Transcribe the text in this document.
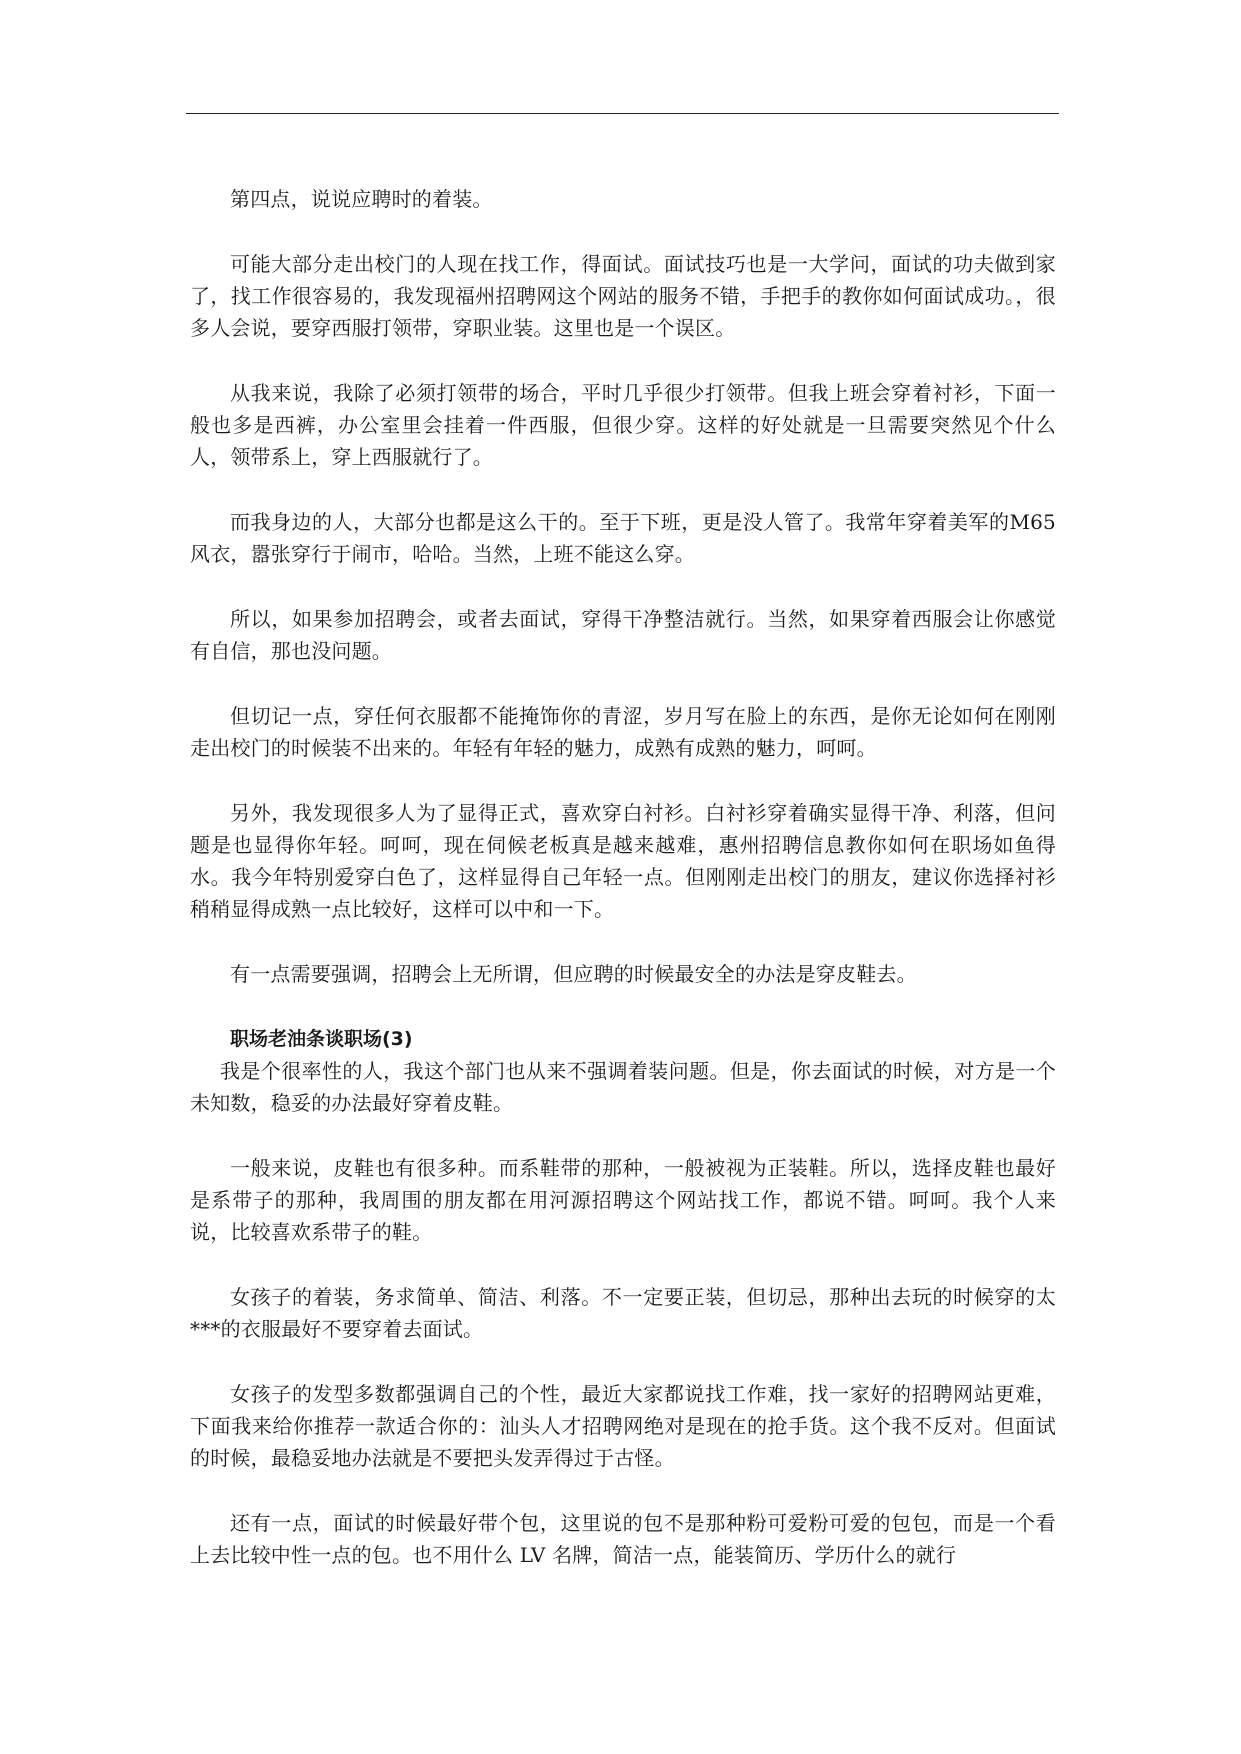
第四点，说说应聘时的着装。

可能大部分走出校门的人现在找工作，得面试。面试技巧也是一大学问，面试的功夫做到家了，找工作很容易的，我发现福州招聘网这个网站的服务不错，手把手的教你如何面试成功。，很多人会说，要穿西服打领带，穿职业装。这里也是一个误区。

从我来说，我除了必须打领带的场合，平时几乎很少打领带。但我上班会穿着衬衫，下面一般也多是西裤，办公室里会挂着一件西服，但很少穿。这样的好处就是一旦需要突然见个什么人，领带系上，穿上西服就行了。

而我身边的人，大部分也都是这么干的。至于下班，更是没人管了。我常年穿着美军的M65 风衣，嚣张穿行于闹市，哈哈。当然，上班不能这么穿。

所以，如果参加招聘会，或者去面试，穿得干净整洁就行。当然，如果穿着西服会让你感觉有自信，那也没问题。

但切记一点，穿任何衣服都不能掩饰你的青涩，岁月写在脸上的东西，是你无论如何在刚刚走出校门的时候装不出来的。年轻有年轻的魅力，成熟有成熟的魅力，呵呵。

另外，我发现很多人为了显得正式，喜欢穿白衬衫。白衬衫穿着确实显得干净、利落，但问题是也显得你年轻。呵呵，现在伺候老板真是越来越难，惠州招聘信息教你如何在职场如鱼得水。我今年特别爱穿白色了，这样显得自己年轻一点。但刚刚走出校门的朋友，建议你选择衬衫稍稍显得成熟一点比较好，这样可以中和一下。

有一点需要强调，招聘会上无所谓，但应聘的时候最安全的办法是穿皮鞋去。

职场老油条谈职场(3)

我是个很率性的人，我这个部门也从来不强调着装问题。但是，你去面试的时候，对方是一个未知数，稳妥的办法最好穿着皮鞋。

一般来说，皮鞋也有很多种。而系鞋带的那种，一般被视为正装鞋。所以，选择皮鞋也最好是系带子的那种，我周围的朋友都在用河源招聘这个网站找工作，都说不错。呵呵。我个人来说，比较喜欢系带子的鞋。

女孩子的着装，务求简单、简洁、利落。不一定要正装，但切忌，那种出去玩的时候穿的太***的衣服最好不要穿着去面试。

女孩子的发型多数都强调自己的个性，最近大家都说找工作难，找一家好的招聘网站更难，下面我来给你推荐一款适合你的：汕头人才招聘网绝对是现在的抢手货。这个我不反对。但面试的时候，最稳妥地办法就是不要把头发弄得过于古怪。

还有一点，面试的时候最好带个包，这里说的包不是那种粉可爱粉可爱的包包，而是一个看上去比较中性一点的包。也不用什么 LV 名牌，简洁一点，能装简历、学历什么的就行
